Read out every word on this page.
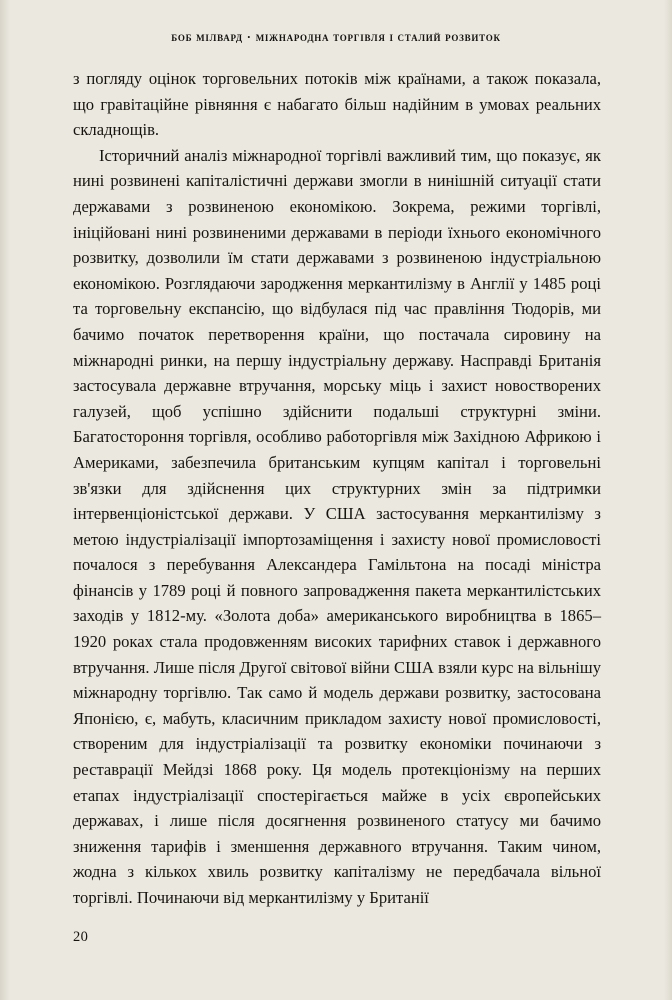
боб мілвард · міжнародна торгівля і сталий розвиток

з погляду оцінок торговельних потоків між країнами, а також показала, що гравітаційне рівняння є набагато більш надійним в умовах реальних складнощів.

Історичний аналіз міжнародної торгівлі важливий тим, що показує, як нині розвинені капіталістичні держави змогли в нинішній ситуації стати державами з розвиненою економікою. Зокрема, режими торгівлі, ініційовані нині розвиненими державами в періоди їхнього економічного розвитку, дозволили їм стати державами з розвиненою індустріальною економікою. Розглядаючи зародження меркантилізму в Англії у 1485 році та торговельну експансію, що відбулася під час правління Тюдорів, ми бачимо початок перетворення країни, що постачала сировину на міжнародні ринки, на першу індустріальну державу. Насправді Британія застосувала державне втручання, морську міць і захист новостворених галузей, щоб успішно здійснити подальші структурні зміни. Багатостороння торгівля, особливо работоргівля між Західною Африкою і Америками, забезпечила британським купцям капітал і торговельні зв'язки для здійснення цих структурних змін за підтримки інтервенціоністської держави. У США застосування меркантилізму з метою індустріалізації імпортозаміщення і захисту нової промисловості почалося з перебування Александера Гамільтона на посаді міністра фінансів у 1789 році й повного запровадження пакета меркантилістських заходів у 1812-му. «Золота доба» американського виробництва в 1865–1920 роках стала продовженням високих тарифних ставок і державного втручання. Лише після Другої світової війни США взяли курс на вільнішу міжнародну торгівлю. Так само й модель держави розвитку, застосована Японією, є, мабуть, класичним прикладом захисту нової промисловості, створеним для індустріалізації та розвитку економіки починаючи з реставрації Мейдзі 1868 року. Ця модель протекціонізму на перших етапах індустріалізації спостерігається майже в усіх європейських державах, і лише після досягнення розвиненого статусу ми бачимо зниження тарифів і зменшення державного втручання. Таким чином, жодна з кількох хвиль розвитку капіталізму не передбачала вільної торгівлі. Починаючи від меркантилізму у Британії

20
